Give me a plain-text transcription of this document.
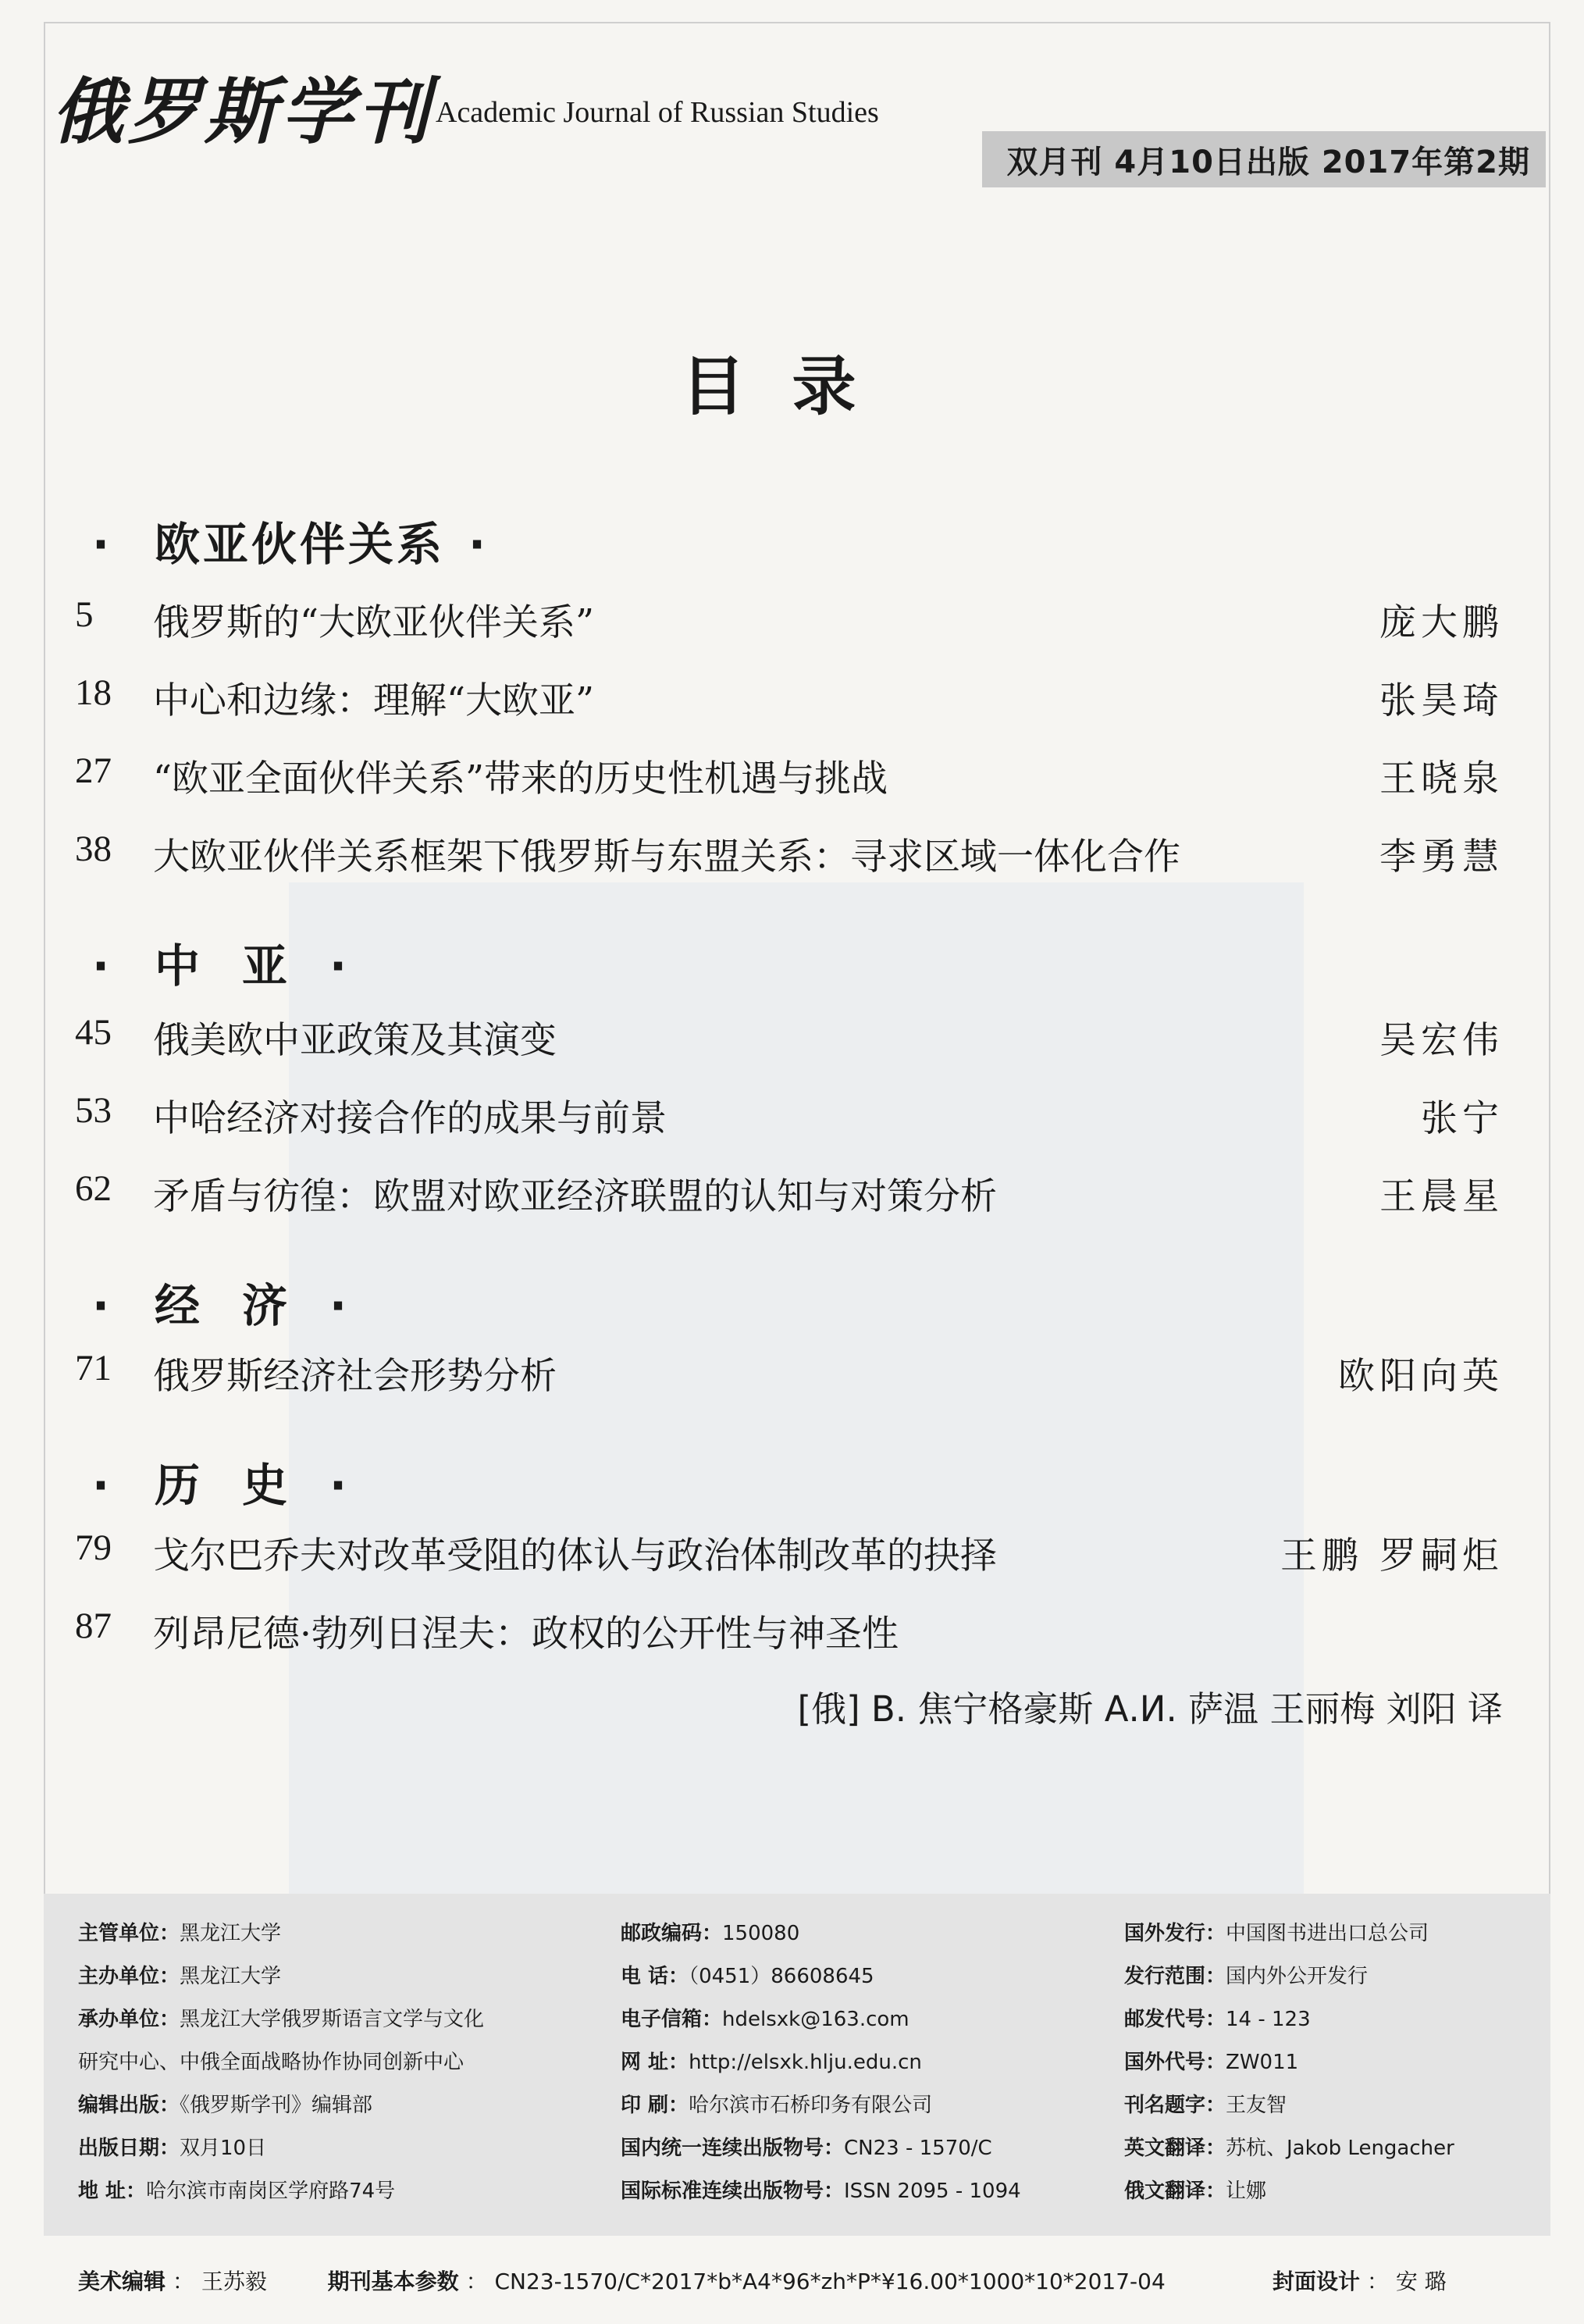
俄罗斯学刊 Academic Journal of Russian Studies
双月刊 4月10日出版 2017年第2期
目录
· 欧亚伙伴关系 ·
5	俄罗斯的“大欧亚伙伴关系”	庞大鹏
18	中心和边缘：理解“大欧亚”	张昊琦
27	“欧亚全面伙伴关系”带来的历史性机遇与挑战	王晓泉
38	大欧亚伙伴关系框架下俄罗斯与东盟关系：寻求区域一体化合作	李勇慧
· 中亚·
45	俄美欧中亚政策及其演变	吴宏伟
53	中哈经济对接合作的成果与前景	张宁
62	矛盾与彷徨：欧盟对欧亚经济联盟的认知与对策分析	王晨星
· 经济·
71	俄罗斯经济社会形势分析	欧阳向英
· 历史·
79	戈尔巴乔夫对改革受阻的体认与政治体制改革的抉择	王鹏 罗嗣炬
87	列昂尼德·勃列日涅夫：政权的公开性与神圣性
[俄] В. 焦宁格豪斯 А.И. 萨温 王丽梅 刘阳 译
主管单位：黑龙江大学
主办单位：黑龙江大学
承办单位：黑龙江大学俄罗斯语言文学与文化
研究中心、中俄全面战略协作协同创新中心
编辑出版：《俄罗斯学刊》编辑部
出版日期：双月10日
地 址：哈尔滨市南岗区学府路74号
邮政编码：150080
电 话：（0451）86608645
电子信箱：hdelsxk@163.com
网 址：http://elsxk.hlju.edu.cn
印 刷：哈尔滨市石桥印务有限公司
国内统一连续出版物号：CN23 - 1570/C
国际标准连续出版物号：ISSN 2095 - 1094
国外发行：中国图书进出口总公司
发行范围：国内外公开发行
邮发代号：14 - 123
国外代号：ZW011
刊名题字：王友智
英文翻译：苏杭、Jakob Lengacher
俄文翻译：让娜
美术编辑 ： 王苏毅	期刊基本参数 ： CN23-1570/C*2017*b*A4*96*zh*P*¥16.00*1000*10*2017-04	封面设计 ： 安 璐
